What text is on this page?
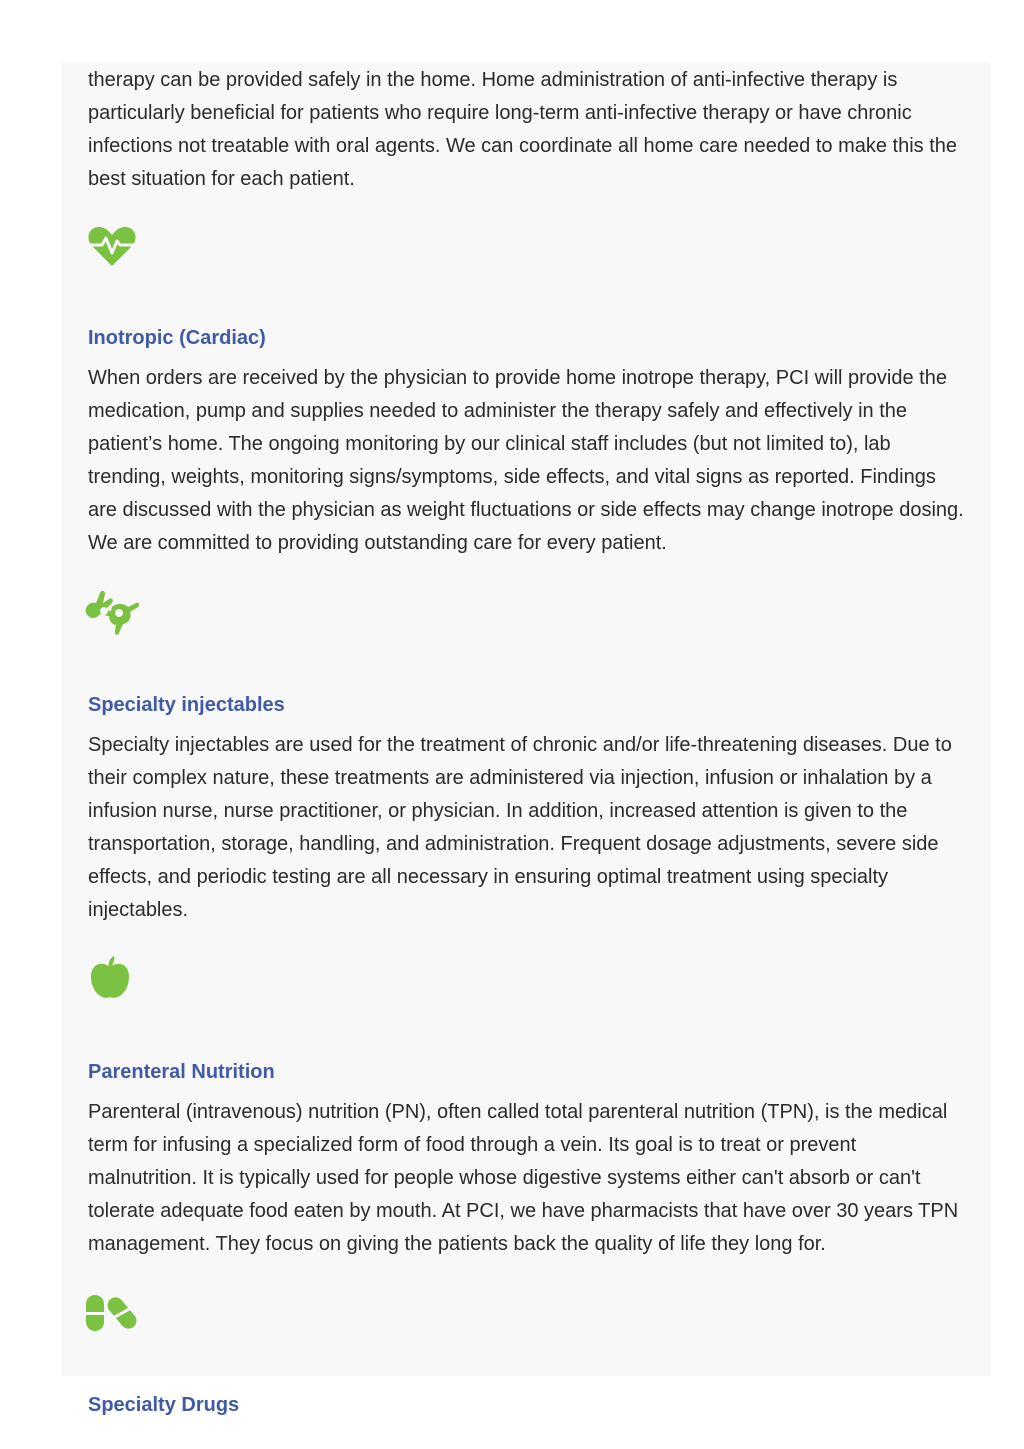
therapy can be provided safely in the home. Home administration of anti-infective therapy is particularly beneficial for patients who require long-term anti-infective therapy or have chronic infections not treatable with oral agents. We can coordinate all home care needed to make this the best situation for each patient.

Inotropic (Cardiac)

When orders are received by the physician to provide home inotrope therapy, PCI will provide the medication, pump and supplies needed to administer the therapy safely and effectively in the patient’s home. The ongoing monitoring by our clinical staff includes (but not limited to), lab trending, weights, monitoring signs/symptoms, side effects, and vital signs as reported. Findings are discussed with the physician as weight fluctuations or side effects may change inotrope dosing. We are committed to providing outstanding care for every patient.

Specialty injectables

Specialty injectables are used for the treatment of chronic and/or life-threatening diseases. Due to their complex nature, these treatments are administered via injection, infusion or inhalation by a infusion nurse, nurse practitioner, or physician. In addition, increased attention is given to the transportation, storage, handling, and administration. Frequent dosage adjustments, severe side effects, and periodic testing are all necessary in ensuring optimal treatment using specialty injectables.

Parenteral Nutrition

Parenteral (intravenous) nutrition (PN), often called total parenteral nutrition (TPN), is the medical term for infusing a specialized form of food through a vein. Its goal is to treat or prevent malnutrition. It is typically used for people whose digestive systems either can't absorb or can't tolerate adequate food eaten by mouth. At PCI, we have pharmacists that have over 30 years TPN management. They focus on giving the patients back the quality of life they long for.

Specialty Drugs
